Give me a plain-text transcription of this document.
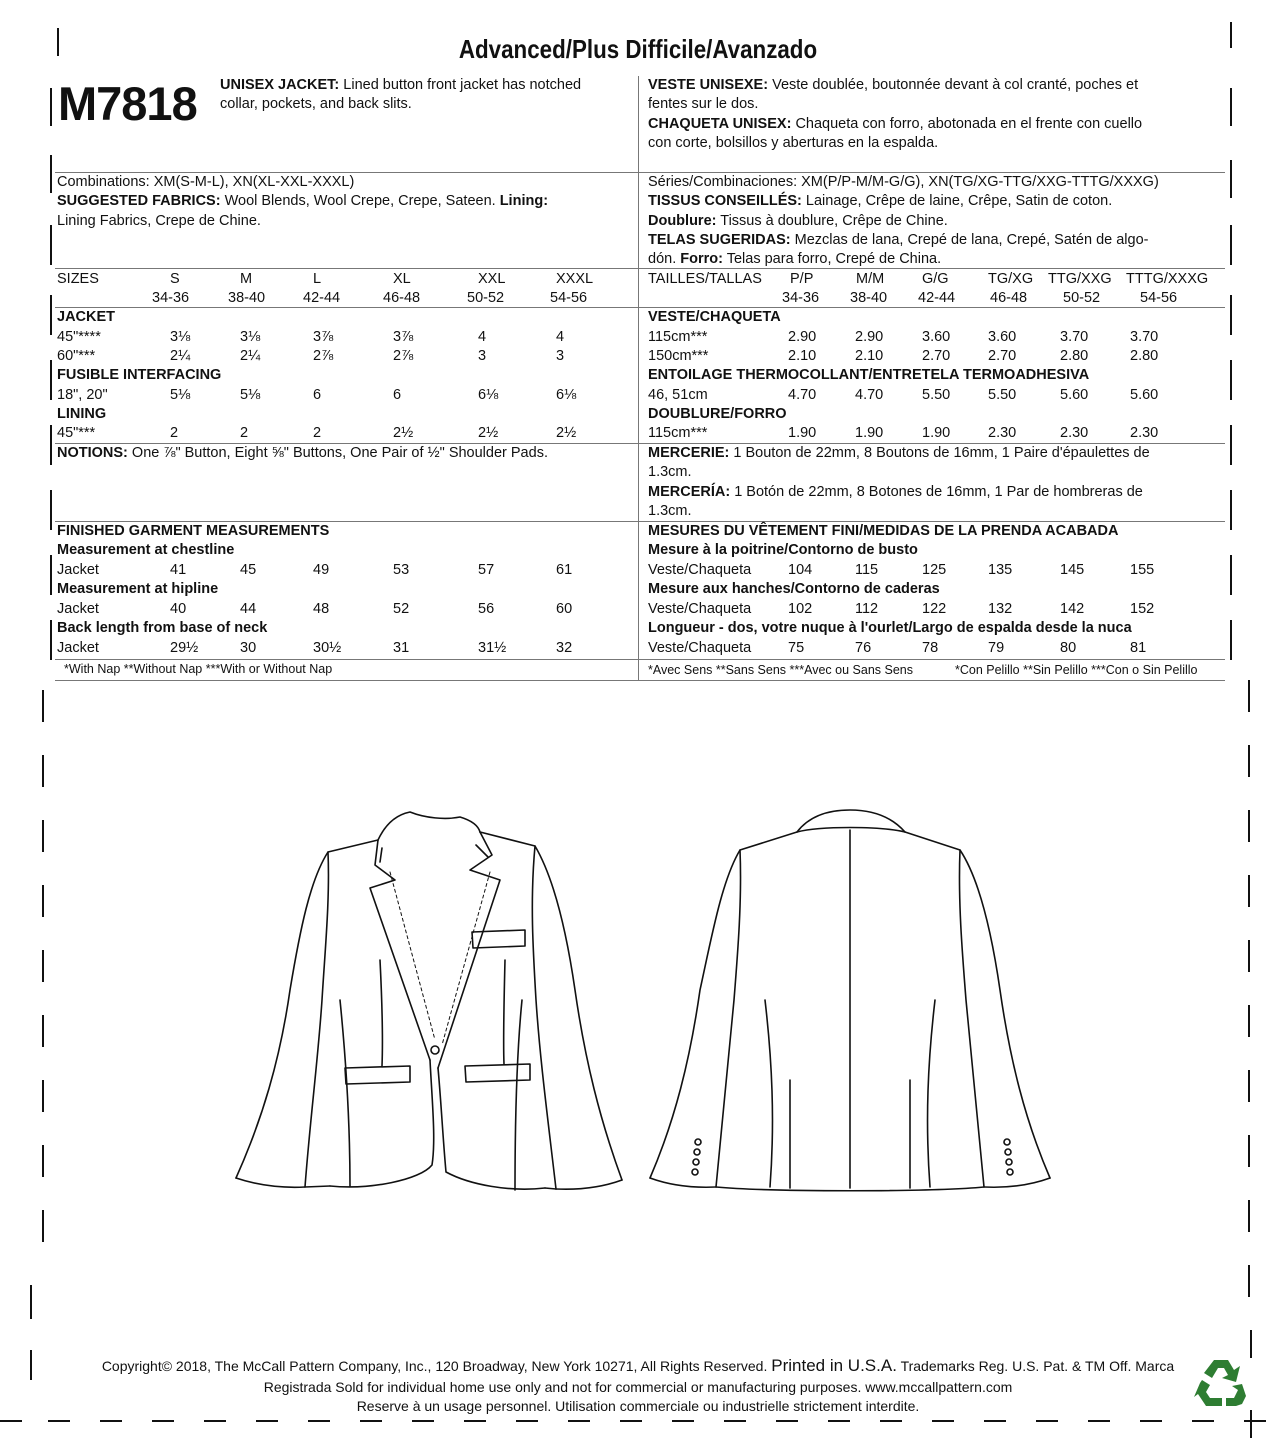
Advanced/Plus Difficile/Avanzado
M7818 UNISEX JACKET: Lined button front jacket has notched
collar, pockets, and back slits.
Combinations: XM(S-M-L), XN(XL-XXL-XXXL)
SUGGESTED FABRICS: Wool Blends, Wool Crepe, Crepe, Sateen. Lining:
Lining Fabrics, Crepe de Chine.
SIZES	S	M	L	XL	XXL	XXXL
34-36	38-40	42-44	46-48	50-52	54-56
JACKET
45"****	3⅛	3⅛	3⅞	3⅞	4	4
60"***	2¼	2¼	2⅞	2⅞	3	3
FUSIBLE INTERFACING
18", 20"	5⅛	5⅛	6	6	6⅛	6⅛
LINING
45"***	2	2	2	2½	2½	2½
NOTIONS: One ⅞" Button, Eight ⅝" Buttons, One Pair of ½" Shoulder Pads.
FINISHED GARMENT MEASUREMENTS
Measurement at chestline
Jacket	41	45	49	53	57	61
Measurement at hipline
Jacket	40	44	48	52	56	60
Back length from base of neck
Jacket	29½	30	30½	31	31½	32
*With Nap **Without Nap ***With or Without Nap
VESTE UNISEXE: Veste doublée, boutonnée devant à col cranté, poches et
fentes sur le dos.
CHAQUETA UNISEX: Chaqueta con forro, abotonada en el frente con cuello
con corte, bolsillos y aberturas en la espalda.
Séries/Combinaciones: XM(P/P-M/M-G/G), XN(TG/XG-TTG/XXG-TTTG/XXXG)
TISSUS CONSEILLÉS: Lainage, Crêpe de laine, Crêpe, Satin de coton.
Doublure: Tissus à doublure, Crêpe de Chine.
TELAS SUGERIDAS: Mezclas de lana, Crepé de lana, Crepé, Satén de algo-
dón. Forro: Telas para forro, Crepé de China.
TAILLES/TALLAS P/P	M/M	G/G	TG/XG TTG/XXG TTTG/XXXG
34-36 38-40 42-44 46-48 50-52	54-56
VESTE/CHAQUETA
115cm***	2.90	2.90	3.60	3.60	3.70	3.70
150cm***	2.10	2.10	2.70	2.70	2.80	2.80
ENTOILAGE THERMOCOLLANT/ENTRETELA TERMOADHESIVA
46, 51cm	4.70	4.70	5.50	5.50	5.60	5.60
DOUBLURE/FORRO
115cm***	1.90	1.90	1.90	2.30	2.30	2.30
MERCERIE: 1 Bouton de 22mm, 8 Boutons de 16mm, 1 Paire d'épaulettes de
1.3cm.
MERCERÍA: 1 Botón de 22mm, 8 Botones de 16mm, 1 Par de hombreras de
1.3cm.
MESURES DU VÊTEMENT FINI/MEDIDAS DE LA PRENDA ACABADA
Mesure à la poitrine/Contorno de busto
Veste/Chaqueta	104	115	125	135	145	155
Mesure aux hanches/Contorno de caderas
Veste/Chaqueta	102	112	122	132	142	152
Longueur - dos, votre nuque à l'ourlet/Largo de espalda desde la nuca
Veste/Chaqueta	75	76	78	79	80	81
*Avec Sens **Sans Sens ***Avec ou Sans Sens	*Con Pelillo **Sin Pelillo ***Con o Sin Pelillo
Copyright© 2018, The McCall Pattern Company, Inc., 120 Broadway, New York 10271, All Rights Reserved. Printed in U.S.A. Trademarks Reg. U.S. Pat. & TM Off. Marca
Registrada Sold for individual home use only and not for commercial or manufacturing purposes. www.mccallpattern.com
Reserve à un usage personnel. Utilisation commerciale ou industrielle strictement interdite.
